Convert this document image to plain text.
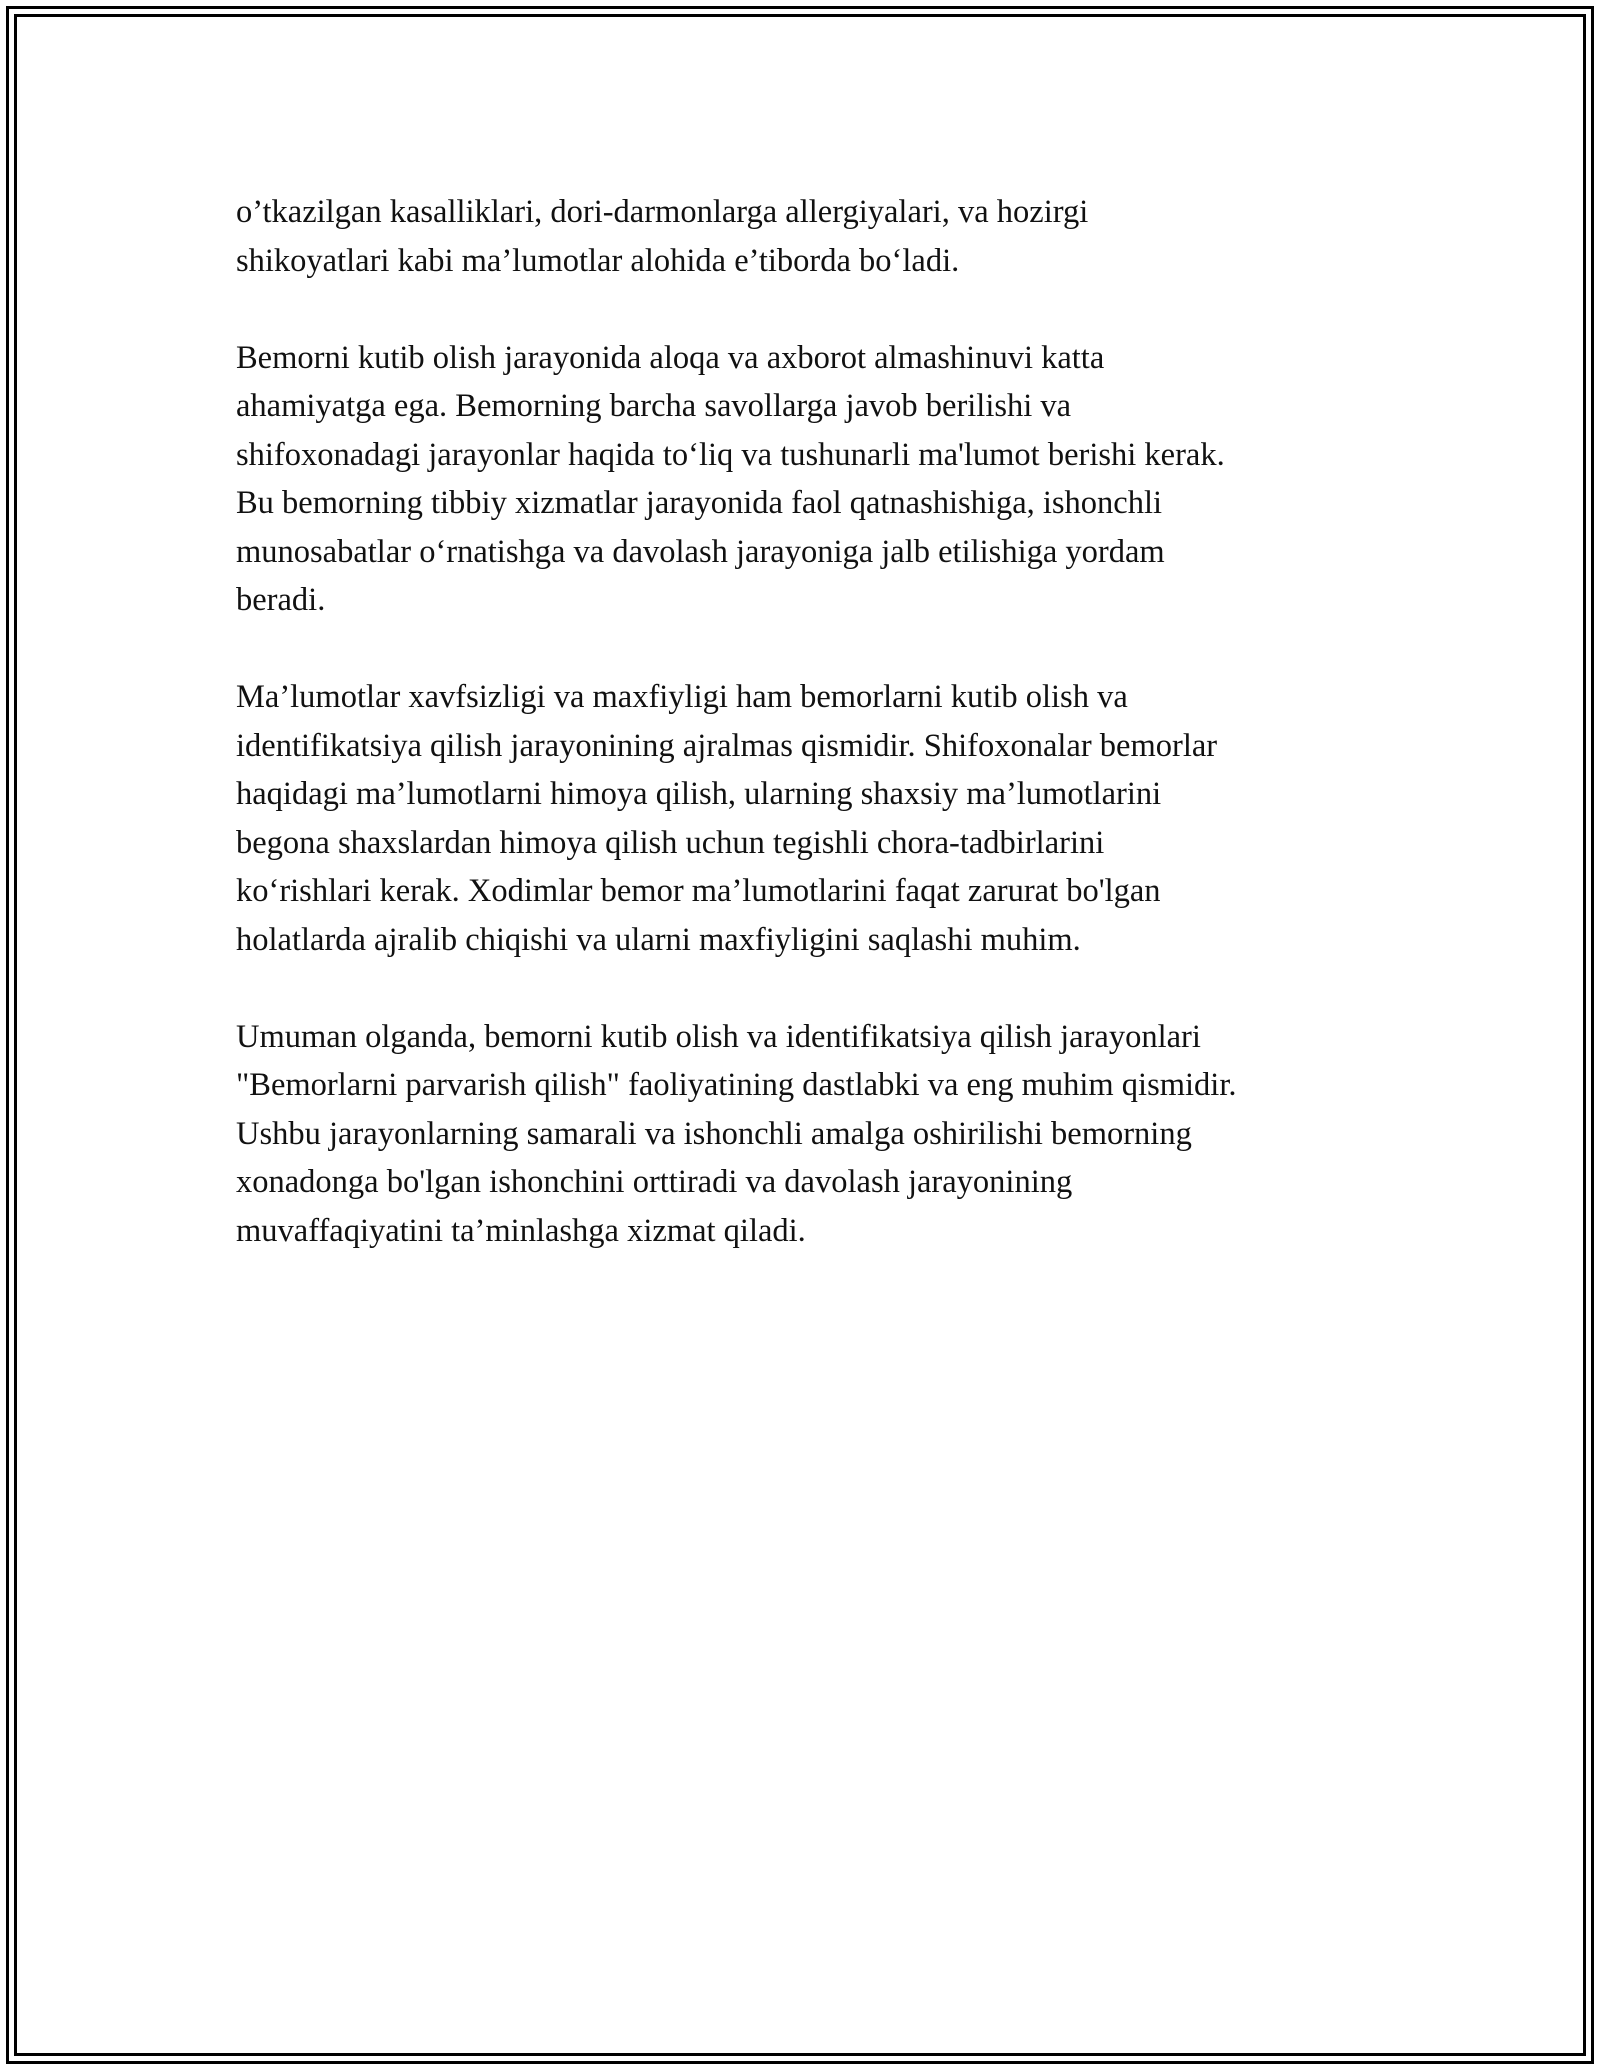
o’tkazilgan kasalliklari, dori-darmonlarga allergiyalari, va hozirgi
shikoyatlari kabi ma’lumotlar alohida e’tiborda bo‘ladi.

Bemorni kutib olish jarayonida aloqa va axborot almashinuvi katta
ahamiyatga ega. Bemorning barcha savollarga javob berilishi va
shifoxonadagi jarayonlar haqida to‘liq va tushunarli ma'lumot berishi kerak.
Bu bemorning tibbiy xizmatlar jarayonida faol qatnashishiga, ishonchli
munosabatlar o‘rnatishga va davolash jarayoniga jalb etilishiga yordam
beradi.

Ma’lumotlar xavfsizligi va maxfiyligi ham bemorlarni kutib olish va
identifikatsiya qilish jarayonining ajralmas qismidir. Shifoxonalar bemorlar
haqidagi ma’lumotlarni himoya qilish, ularning shaxsiy ma’lumotlarini
begona shaxslardan himoya qilish uchun tegishli chora-tadbirlarini
ko‘rishlari kerak. Xodimlar bemor ma’lumotlarini faqat zarurat bo'lgan
holatlarda ajralib chiqishi va ularni maxfiyligini saqlashi muhim.

Umuman olganda, bemorni kutib olish va identifikatsiya qilish jarayonlari
"Bemorlarni parvarish qilish" faoliyatining dastlabki va eng muhim qismidir.
Ushbu jarayonlarning samarali va ishonchli amalga oshirilishi bemorning
xonadonga bo'lgan ishonchini orttiradi va davolash jarayonining
muvaffaqiyatini ta’minlashga xizmat qiladi.
